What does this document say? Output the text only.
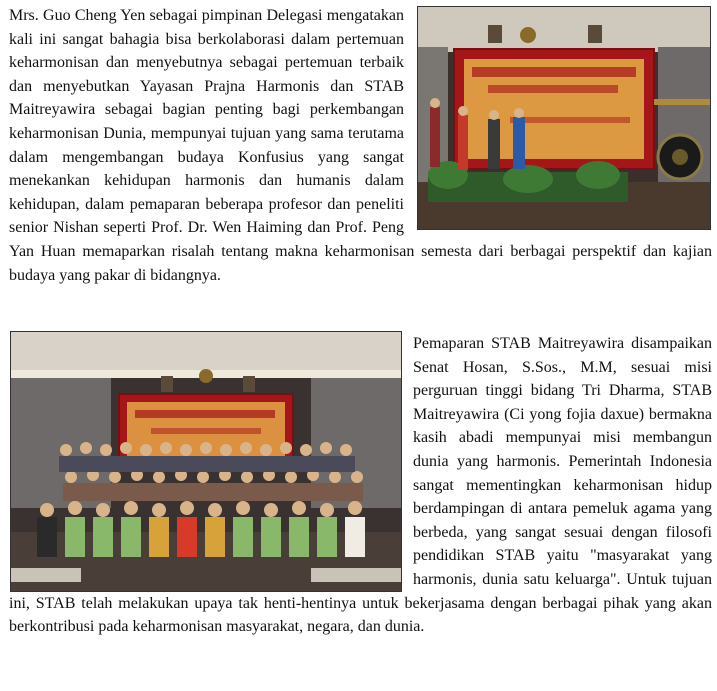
Mrs. Guo Cheng Yen sebagai pimpinan Delegasi mengatakan kali ini sangat bahagia bisa berkolaborasi dalam pertemuan keharmonisan dan menyebutnya sebagai pertemuan terbaik dan menyebutkan Yayasan Prajna Harmonis dan STAB Maitreyawira sebagai bagian penting bagi perkembangan keharmonisan Dunia, mempunyai tujuan yang sama terutama dalam mengembangan budaya Konfusius yang sangat menekankan kehidupan harmonis dan humanis dalam kehidupan, dalam pemaparan beberapa profesor dan peneliti senior Nishan seperti Prof. Dr. Wen Haiming dan Prof. Peng Yan Huan memaparkan risalah tentang makna keharmonisan semesta dari berbagai perspektif dan kajian budaya yang pakar di bidangnya.
Pemaparan STAB Maitreyawira disampaikan Senat Hosan, S.Sos., M.M, sesuai misi perguruan tinggi bidang Tri Dharma, STAB Maitreyawira (Ci yong fojia daxue) bermakna kasih abadi mempunyai misi membangun dunia yang harmonis. Pemerintah Indonesia sangat mementingkan keharmonisan hidup berdampingan di antara pemeluk agama yang berbeda, yang sangat sesuai dengan filosofi pendidikan STAB yaitu "masyarakat yang harmonis, dunia satu keluarga". Untuk tujuan ini, STAB telah melakukan upaya tak henti-hentinya untuk bekerjasama dengan berbagai pihak yang akan berkontribusi pada keharmonisan masyarakat, negara, dan dunia.
